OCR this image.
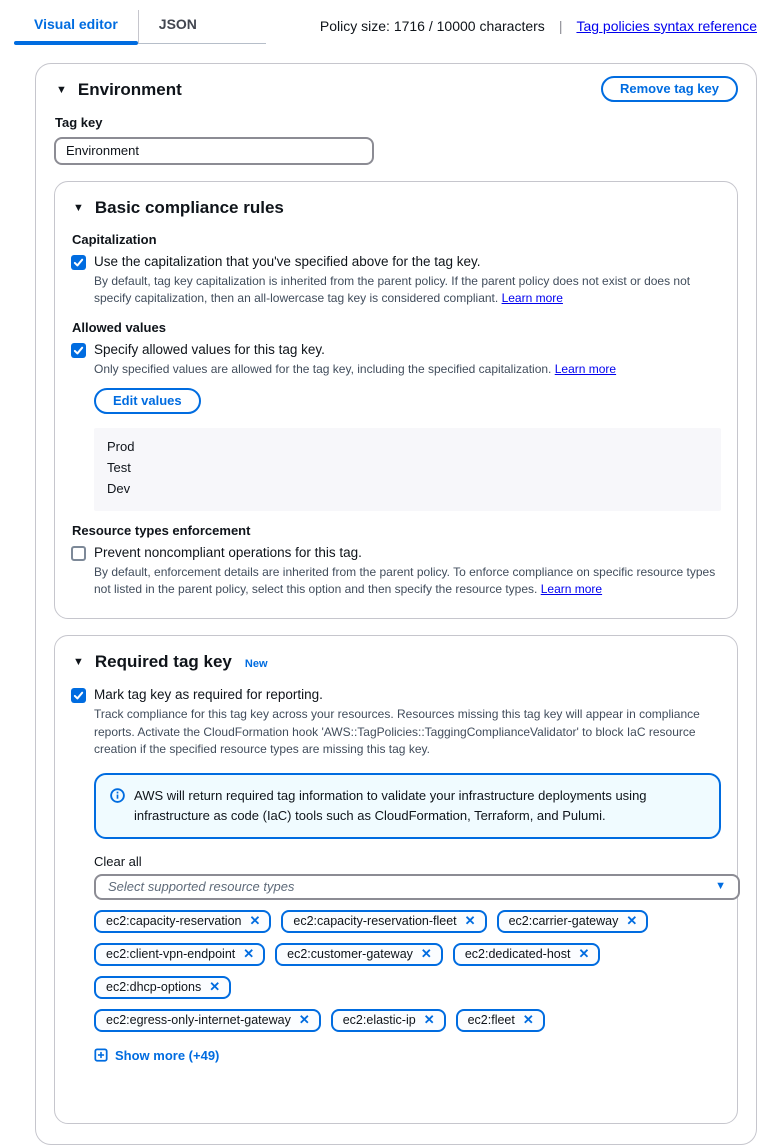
Visual editor	JSON	Policy size: 1716 / 10000 characters | Tag policies syntax reference
▼ Environment	Remove tag key
Tag key
Environment
▼ Basic compliance rules
Capitalization
Use the capitalization that you've specified above for the tag key.
By default, tag key capitalization is inherited from the parent policy. If the parent policy does not exist or does not specify capitalization, then an all-lowercase tag key is considered compliant. Learn more
Allowed values
Specify allowed values for this tag key.
Only specified values are allowed for the tag key, including the specified capitalization. Learn more
Edit values
Prod
Test
Dev
Resource types enforcement
Prevent noncompliant operations for this tag.
By default, enforcement details are inherited from the parent policy. To enforce compliance on specific resource types not listed in the parent policy, select this option and then specify the resource types. Learn more
▼ Required tag key New
Mark tag key as required for reporting.
Track compliance for this tag key across your resources. Resources missing this tag key will appear in compliance reports. Activate the CloudFormation hook 'AWS::TagPolicies::TaggingComplianceValidator' to block IaC resource creation if the specified resource types are missing this tag key.
AWS will return required tag information to validate your infrastructure deployments using infrastructure as code (IaC) tools such as CloudFormation, Terraform, and Pulumi.
Clear all
Select supported resource types	▼
ec2:capacity-reservation ✕	ec2:capacity-reservation-fleet ✕	ec2:carrier-gateway ✕
ec2:client-vpn-endpoint ✕	ec2:customer-gateway ✕	ec2:dedicated-host ✕
ec2:dhcp-options ✕
ec2:egress-only-internet-gateway ✕	ec2:elastic-ip ✕	ec2:fleet ✕
Show more (+49)
